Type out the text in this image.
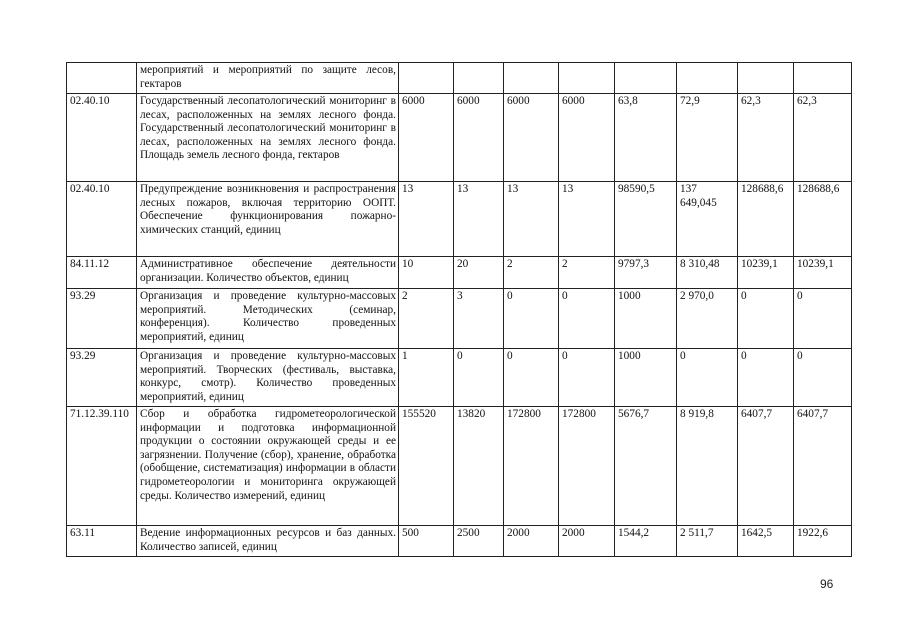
	мероприятий и мероприятий по защите лесов, гектаров								
02.40.10	Государственный лесопатологический мониторинг в лесах, расположенных на землях лесного фонда. Государственный лесопатологический мониторинг в лесах, расположенных на землях лесного фонда. Площадь земель лесного фонда, гектаров	6000	6000	6000	6000	63,8	72,9	62,3	62,3
02.40.10	Предупреждение возникновения и распространения лесных пожаров, включая территорию ООПТ. Обеспечение функционирования пожарно-химических станций, единиц	13	13	13	13	98590,5	137 649,045	128688,6	128688,6
84.11.12	Административное обеспечение деятельности организации. Количество объектов, единиц	10	20	2	2	9797,3	8 310,48	10239,1	10239,1
93.29	Организация и проведение культурно-массовых мероприятий. Методических (семинар, конференция). Количество проведенных мероприятий, единиц	2	3	0	0	1000	2 970,0	0	0
93.29	Организация и проведение культурно-массовых мероприятий. Творческих (фестиваль, выставка, конкурс, смотр). Количество проведенных мероприятий, единиц	1	0	0	0	1000	0	0	0
71.12.39.110	Сбор и обработка гидрометеорологической информации и подготовка информационной продукции о состоянии окружающей среды и ее загрязнении. Получение (сбор), хранение, обработка (обобщение, систематизация) информации в области гидрометеорологии и мониторинга окружающей среды. Количество измерений, единиц	155520	13820	172800	172800	5676,7	8 919,8	6407,7	6407,7
63.11	Ведение информационных ресурсов и баз данных. Количество записей, единиц	500	2500	2000	2000	1544,2	2 511,7	1642,5	1922,6
96
